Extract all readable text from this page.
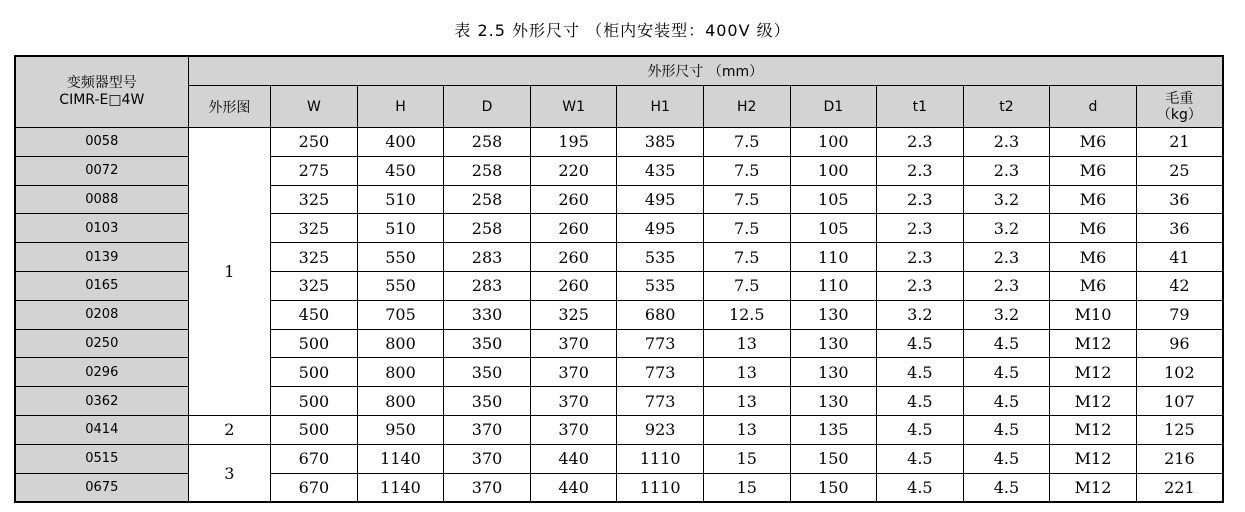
表 2.5 外形尺寸 （柜内安装型：400V 级）
变频器型号
CIMR-E□4W	外形尺寸 （mm）											
	外形图	W	H	D	W1	H1	H2	D1	t1	t2	d	毛重
（kg）

0058	1	250	400	258	195	385	7.5	100	2.3	2.3	M6	21
0072		275	450	258	220	435	7.5	100	2.3	2.3	M6	25
0088		325	510	258	260	495	7.5	105	2.3	3.2	M6	36
0103		325	510	258	260	495	7.5	105	2.3	3.2	M6	36
0139		325	550	283	260	535	7.5	110	2.3	2.3	M6	41
0165		325	550	283	260	535	7.5	110	2.3	2.3	M6	42
0208		450	705	330	325	680	12.5	130	3.2	3.2	M10	79
0250		500	800	350	370	773	13	130	4.5	4.5	M12	96
0296		500	800	350	370	773	13	130	4.5	4.5	M12	102
0362		500	800	350	370	773	13	130	4.5	4.5	M12	107
0414	2	500	950	370	370	923	13	135	4.5	4.5	M12	125
0515	3	670	1140	370	440	1110	15	150	4.5	4.5	M12	216
0675		670	1140	370	440	1110	15	150	4.5	4.5	M12	221
